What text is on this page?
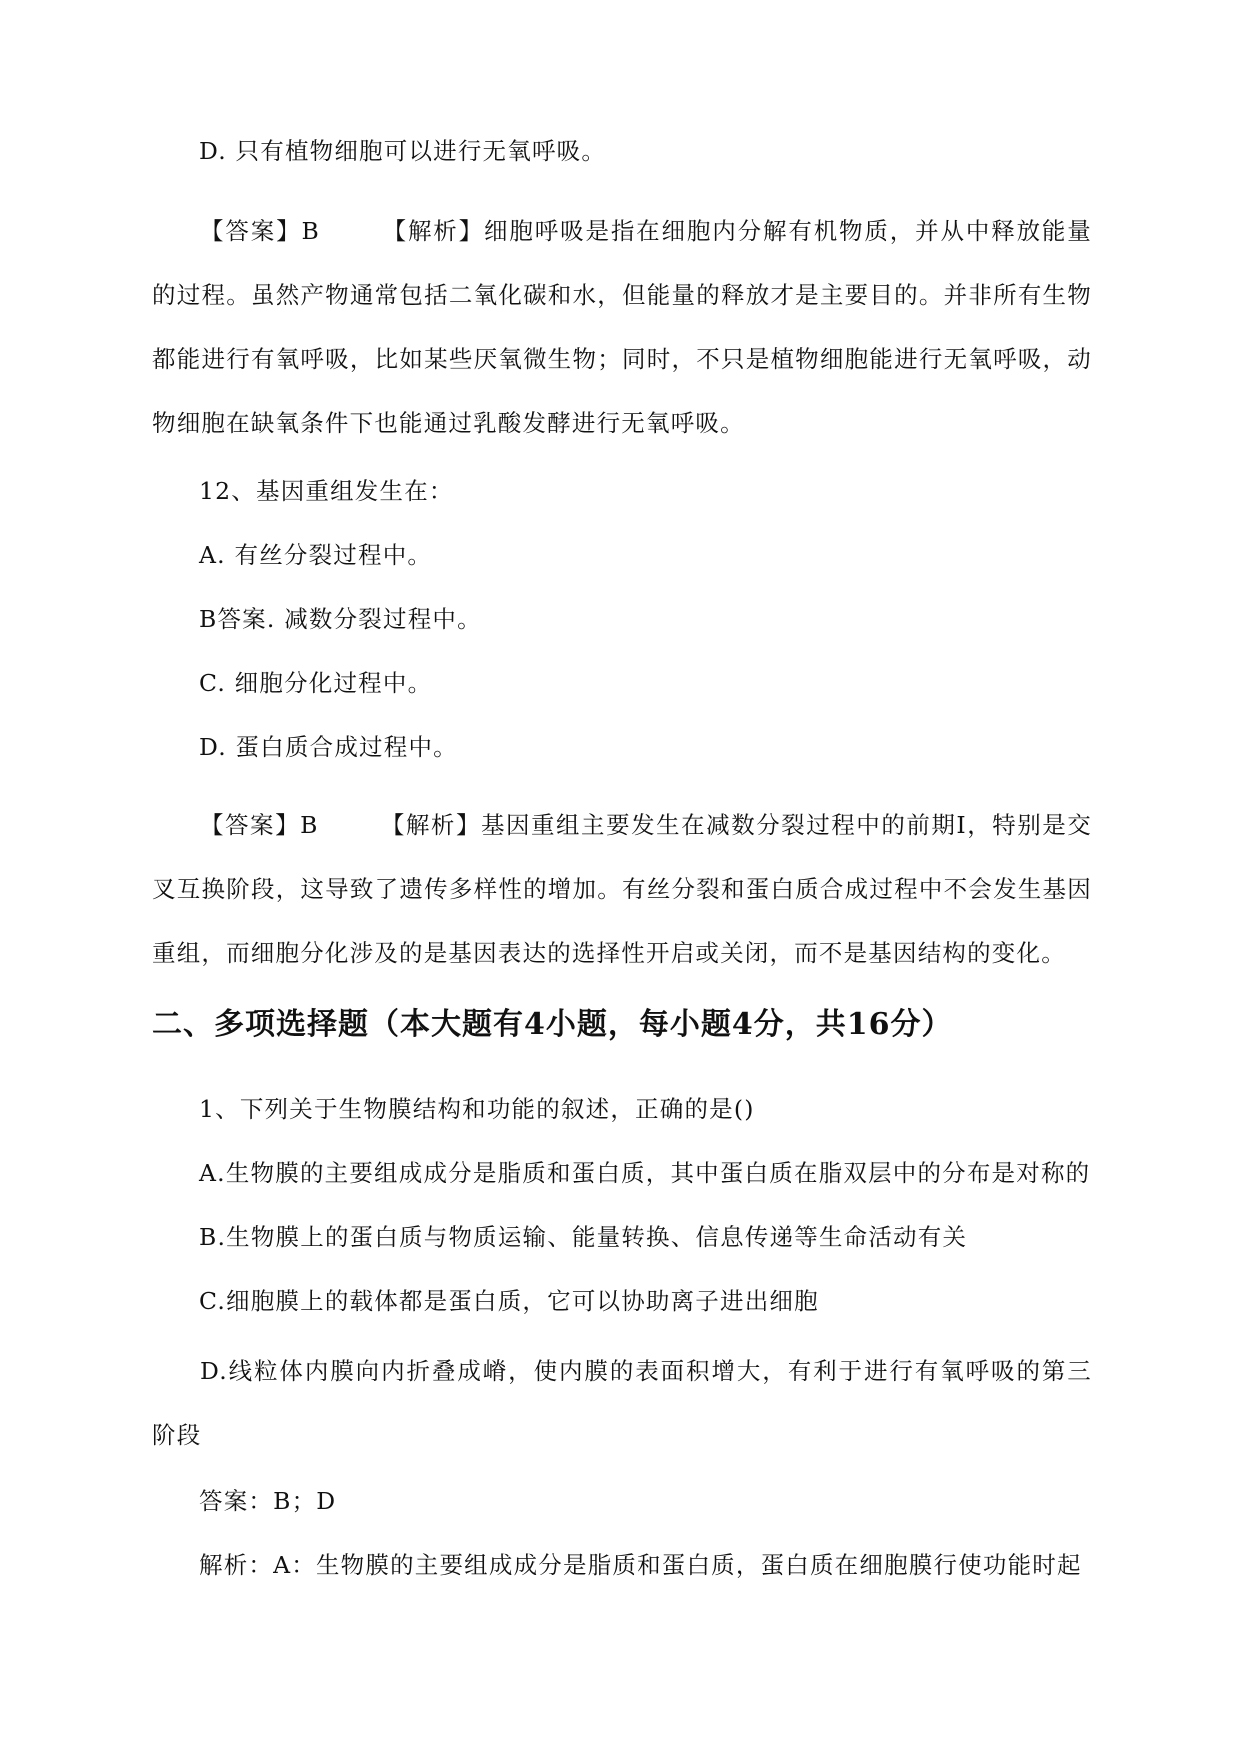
D. 只有植物细胞可以进行无氧呼吸。
【答案】B	【解析】细胞呼吸是指在细胞内分解有机物质，并从中释放能量的过程。虽然产物通常包括二氧化碳和水，但能量的释放才是主要目的。并非所有生物都能进行有氧呼吸，比如某些厌氧微生物；同时，不只是植物细胞能进行无氧呼吸，动物细胞在缺氧条件下也能通过乳酸发酵进行无氧呼吸。
12、基因重组发生在：
A. 有丝分裂过程中。
B答案. 减数分裂过程中。
C. 细胞分化过程中。
D. 蛋白质合成过程中。
【答案】B	【解析】基因重组主要发生在减数分裂过程中的前期I，特别是交叉互换阶段，这导致了遗传多样性的增加。有丝分裂和蛋白质合成过程中不会发生基因重组，而细胞分化涉及的是基因表达的选择性开启或关闭，而不是基因结构的变化。
二、多项选择题（本大题有4小题，每小题4分，共16分）
1、下列关于生物膜结构和功能的叙述，正确的是()
A.生物膜的主要组成成分是脂质和蛋白质，其中蛋白质在脂双层中的分布是对称的
B.生物膜上的蛋白质与物质运输、能量转换、信息传递等生命活动有关
C.细胞膜上的载体都是蛋白质，它可以协助离子进出细胞
D.线粒体内膜向内折叠成嵴，使内膜的表面积增大，有利于进行有氧呼吸的第三阶段
答案：B；D
解析：A：生物膜的主要组成成分是脂质和蛋白质，蛋白质在细胞膜行使功能时起
